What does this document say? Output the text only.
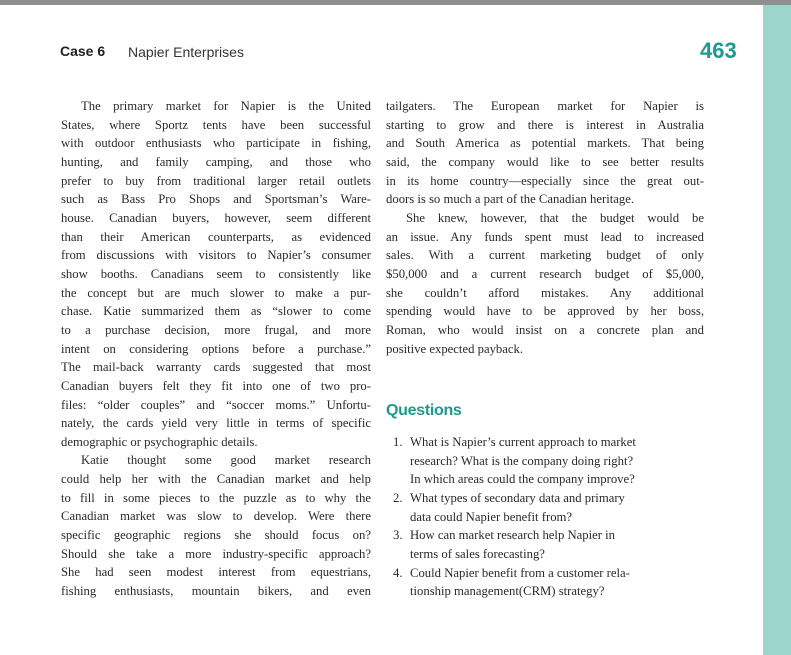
Case 6 Napier Enterprises	463
The primary market for Napier is the United
States, where Sportz tents have been successful
with outdoor enthusiasts who participate in fishing,
hunting, and family camping, and those who
prefer to buy from traditional larger retail outlets
such as Bass Pro Shops and Sportsman’s Ware-
house. Canadian buyers, however, seem different
than their American counterparts, as evidenced
from discussions with visitors to Napier’s consumer
show booths. Canadians seem to consistently like
the concept but are much slower to make a pur-
chase. Katie summarized them as “slower to come
to a purchase decision, more frugal, and more
intent on considering options before a purchase.”
The mail-back warranty cards suggested that most
Canadian buyers felt they fit into one of two pro-
files: “older couples” and “soccer moms.” Unfortu-
nately, the cards yield very little in terms of specific
demographic or psychographic details.
Katie thought some good market research
could help her with the Canadian market and help
to fill in some pieces to the puzzle as to why the
Canadian market was slow to develop. Were there
specific geographic regions she should focus on?
Should she take a more industry-specific approach?
She had seen modest interest from equestrians,
fishing enthusiasts, mountain bikers, and even
tailgaters. The European market for Napier is
starting to grow and there is interest in Australia
and South America as potential markets. That being
said, the company would like to see better results
in its home country—especially since the great out-
doors is so much a part of the Canadian heritage.
She knew, however, that the budget would be
an issue. Any funds spent must lead to increased
sales. With a current marketing budget of only
$50,000 and a current research budget of $5,000,
she couldn’t afford mistakes. Any additional
spending would have to be approved by her boss,
Roman, who would insist on a concrete plan and
positive expected payback.
Questions
1. What is Napier’s current approach to market
research? What is the company doing right?
In which areas could the company improve?
2. What types of secondary data and primary
data could Napier benefit from?
3. How can market research help Napier in
terms of sales forecasting?
4. Could Napier benefit from a customer rela-
tionship management(CRM) strategy?
